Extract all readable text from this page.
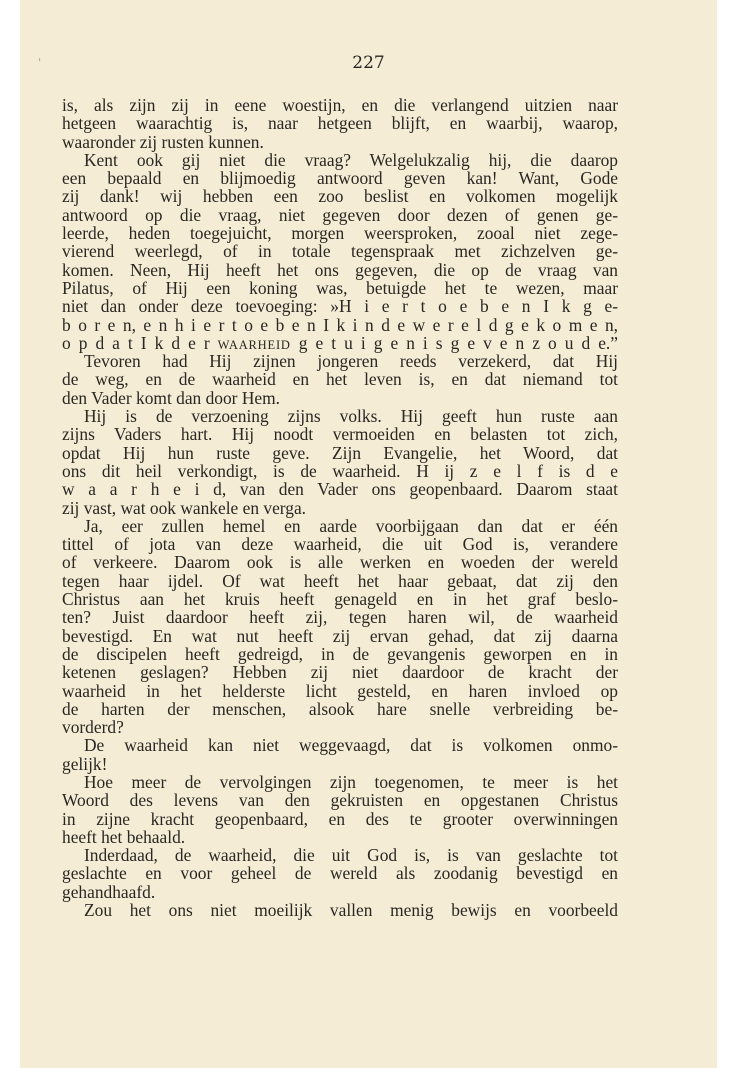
'	227
is, als zijn zij in eene woestijn, en die verlangend uitzien naar
hetgeen waarachtig is, naar hetgeen blijft, en waarbij, waarop,
waaronder zij rusten kunnen.
Kent ook gij niet die vraag? Welgelukzalig hij, die daarop
een bepaald en blijmoedig antwoord geven kan! Want, Gode
zij dank! wij hebben een zoo beslist en volkomen mogelijk
antwoord op die vraag, niet gegeven door dezen of genen ge-
leerde, heden toegejuicht, morgen weersproken, zooal niet zege-
vierend weerlegd, of in totale tegenspraak met zichzelven ge-
komen. Neen, Hij heeft het ons gegeven, die op de vraag van
Pilatus, of Hij een koning was, betuigde het te wezen, maar
niet dan onder deze toevoeging: »H i e r t o e b e n I k g e-
b o r e n, e n h i e r t o e b e n I k i n d e w e r e l d g e k o m e n,
o p d a t I k d e r WAARHEID g e t u i g e n i s g e v e n z o u d e.”
Tevoren had Hij zijnen jongeren reeds verzekerd, dat Hij
de weg, en de waarheid en het leven is, en dat niemand tot
den Vader komt dan door Hem.
Hij is de verzoening zijns volks. Hij geeft hun ruste aan
zijns Vaders hart. Hij noodt vermoeiden en belasten tot zich,
opdat Hij hun ruste geve. Zijn Evangelie, het Woord, dat
ons dit heil verkondigt, is de waarheid. H ij z e l f is d e
w a a r h e i d, van den Vader ons geopenbaard. Daarom staat
zij vast, wat ook wankele en verga.
Ja, eer zullen hemel en aarde voorbijgaan dan dat er één
tittel of jota van deze waarheid, die uit God is, verandere
of verkeere. Daarom ook is alle werken en woeden der wereld
tegen haar ijdel. Of wat heeft het haar gebaat, dat zij den
Christus aan het kruis heeft genageld en in het graf beslo-
ten? Juist daardoor heeft zij, tegen haren wil, de waarheid
bevestigd. En wat nut heeft zij ervan gehad, dat zij daarna
de discipelen heeft gedreigd, in de gevangenis geworpen en in
ketenen geslagen? Hebben zij niet daardoor de kracht der
waarheid in het helderste licht gesteld, en haren invloed op
de harten der menschen, alsook hare snelle verbreiding be-
vorderd?
De waarheid kan niet weggevaagd, dat is volkomen onmo-
gelijk!
Hoe meer de vervolgingen zijn toegenomen, te meer is het
Woord des levens van den gekruisten en opgestanen Christus
in zijne kracht geopenbaard, en des te grooter overwinningen
heeft het behaald.
Inderdaad, de waarheid, die uit God is, is van geslachte tot
geslachte en voor geheel de wereld als zoodanig bevestigd en
gehandhaafd.
Zou het ons niet moeilijk vallen menig bewijs en voorbeeld
